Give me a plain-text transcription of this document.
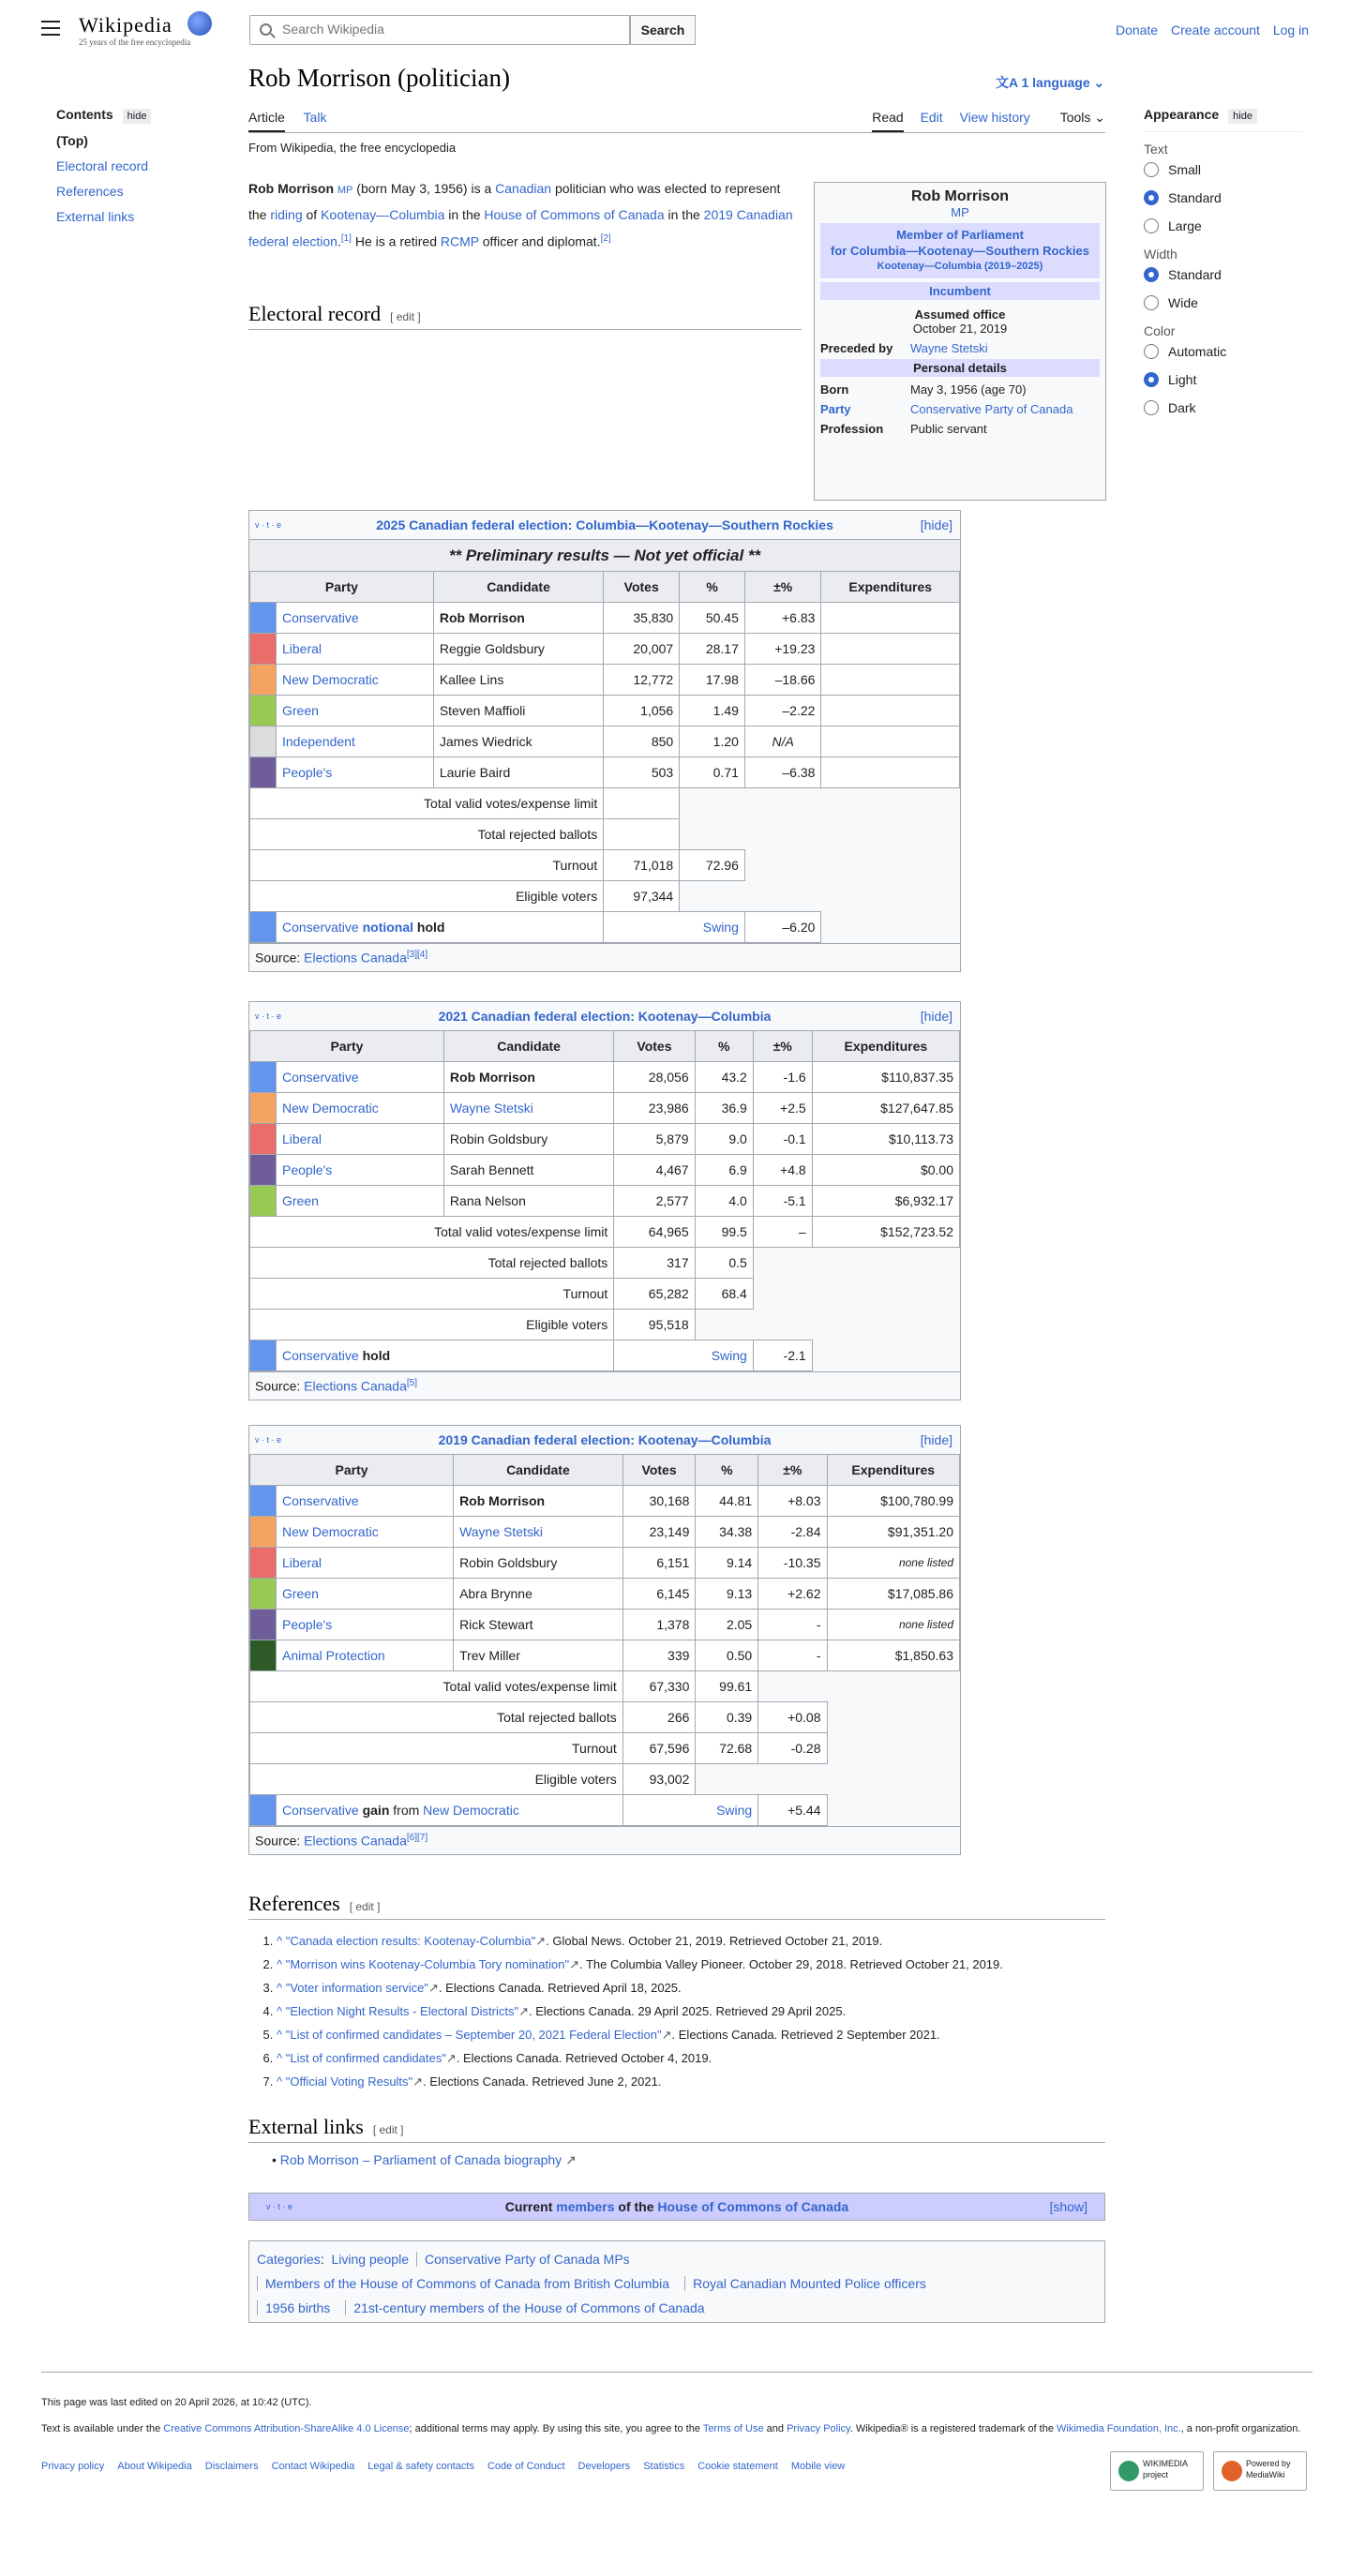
Wikipedia
25 years of the free encyclopedia
Search Wikipedia
Search	Donate Create account Log in
Rob Morrison (politician)	文A 1 language ⌄
Article Talk	Read Edit View history Tools ⌄
From Wikipedia, the free encyclopedia
Contents hide
(Top)
Electoral record
References
External links
Appearance hide
Text
Small
Standard
Large
Width
Standard
Wide
Color
Automatic
Light
Dark
Rob Morrison MP (born May 3, 1956) is a Canadian politician who was elected to represent the riding of Kootenay—Columbia in the House of Commons of Canada in the 2019 Canadian federal election.[1] He is a retired RCMP officer and diplomat.[2]
Rob Morrison
MP
Member of Parliament
for Columbia—Kootenay—Southern Rockies
Kootenay—Columbia (2019–2025)
Incumbent
Assumed office
October 21, 2019
Preceded by	Wayne Stetski
Personal details
Born	May 3, 1956 (age 70)
Party	Conservative Party of Canada
Profession	Public servant
Electoral record [ edit ]
v · t · e	2025 Canadian federal election: Columbia—Kootenay—Southern Rockies	[hide]
** Preliminary results — Not yet official **
Party		Candidate	Votes	%	±%	Expenditures
	Conservative	Rob Morrison	35,830	50.45	+6.83	
	Liberal	Reggie Goldsbury	20,007	28.17	+19.23	
	New Democratic	Kallee Lins	12,772	17.98	–18.66	
	Green	Steven Maffioli	1,056	1.49	–2.22	
	Independent	James Wiedrick	850	1.20	N/A	
	People's	Laurie Baird	503	0.71	–6.38	
Total valid votes/expense limit						
Total rejected ballots						
Turnout			71,018	72.96		
Eligible voters			97,344			
	Conservative notional hold		Swing		–6.20	
Source: Elections Canada[3][4]
v · t · e	2021 Canadian federal election: Kootenay—Columbia	[hide]
Party		Candidate	Votes	%	±%	Expenditures
	Conservative	Rob Morrison	28,056	43.2	-1.6	$110,837.35
	New Democratic	Wayne Stetski	23,986	36.9	+2.5	$127,647.85
	Liberal	Robin Goldsbury	5,879	9.0	-0.1	$10,113.73
	People's	Sarah Bennett	4,467	6.9	+4.8	$0.00
	Green	Rana Nelson	2,577	4.0	-5.1	$6,932.17
Total valid votes/expense limit			64,965	99.5	–	$152,723.52
Total rejected ballots			317	0.5		
Turnout			65,282	68.4		
Eligible voters			95,518			
	Conservative hold		Swing		-2.1	
Source: Elections Canada[5]
v · t · e	2019 Canadian federal election: Kootenay—Columbia	[hide]
Party		Candidate	Votes	%	±%	Expenditures
	Conservative	Rob Morrison	30,168	44.81	+8.03	$100,780.99
	New Democratic	Wayne Stetski	23,149	34.38	-2.84	$91,351.20
	Liberal	Robin Goldsbury	6,151	9.14	-10.35	none listed
	Green	Abra Brynne	6,145	9.13	+2.62	$17,085.86
	People's	Rick Stewart	1,378	2.05	-	none listed
	Animal Protection	Trev Miller	339	0.50	-	$1,850.63
Total valid votes/expense limit			67,330	99.61		
Total rejected ballots			266	0.39	+0.08	
Turnout			67,596	72.68	-0.28	
Eligible voters			93,002			
	Conservative gain from New Democratic		Swing		+5.44	
Source: Elections Canada[6][7]
References [ edit ]
1. ^ "Canada election results: Kootenay-Columbia"↗. Global News. October 21, 2019. Retrieved October 21, 2019.
2. ^ "Morrison wins Kootenay-Columbia Tory nomination"↗. The Columbia Valley Pioneer. October 29, 2018. Retrieved October 21, 2019.
3. ^ "Voter information service"↗. Elections Canada. Retrieved April 18, 2025.
4. ^ "Election Night Results - Electoral Districts"↗. Elections Canada. 29 April 2025. Retrieved 29 April 2025.
5. ^ "List of confirmed candidates – September 20, 2021 Federal Election"↗. Elections Canada. Retrieved 2 September 2021.
6. ^ "List of confirmed candidates"↗. Elections Canada. Retrieved October 4, 2019.
7. ^ "Official Voting Results"↗. Elections Canada. Retrieved June 2, 2021.
External links [ edit ]
• Rob Morrison – Parliament of Canada biography ↗
v · t · e	Current members of the House of Commons of Canada	[show]
Categories: Living people Conservative Party of Canada MPs
Members of the House of Commons of Canada from British Columbia Royal Canadian Mounted Police officers
1956 births 21st-century members of the House of Commons of Canada
This page was last edited on 20 April 2026, at 10:42 (UTC).
Text is available under the Creative Commons Attribution-ShareAlike 4.0 License; additional terms may apply. By using this site, you agree to the Terms of Use and Privacy Policy. Wikipedia® is a registered trademark of the Wikimedia Foundation, Inc., a non-profit organization.
Privacy policy About Wikipedia Disclaimers Contact Wikipedia Legal & safety contacts Code of Conduct Developers Statistics Cookie statement Mobile view	WIKIMEDIA project
Powered by MediaWiki
